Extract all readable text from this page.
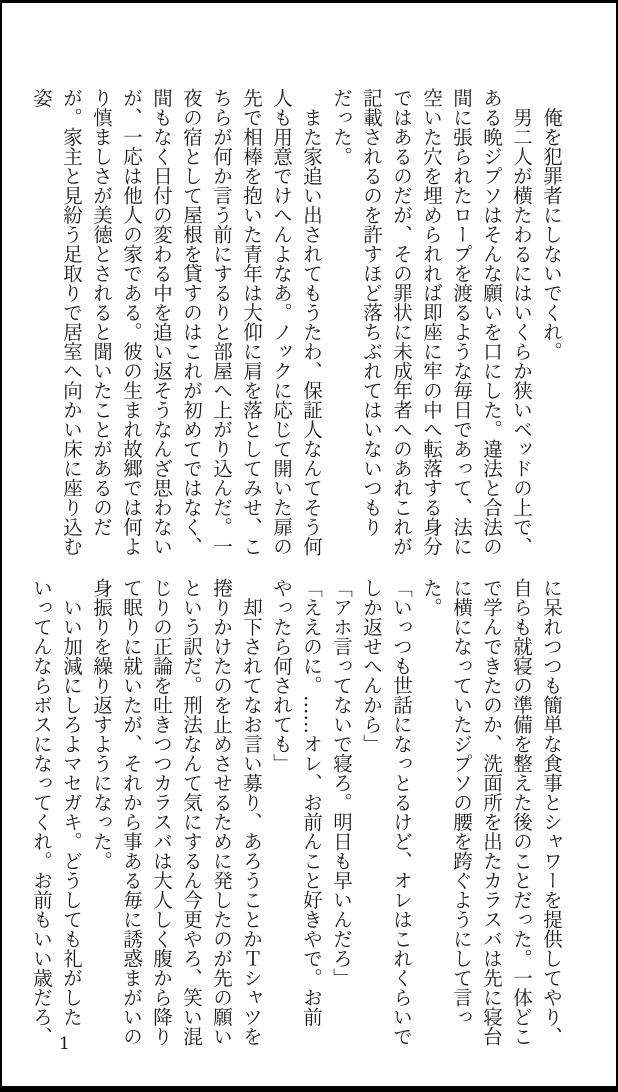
　俺を犯罪者にしないでくれ。

　男二人が横たわるにはいくらか狭いベッドの上で、ある晩ジプソはそんな願いを口にした。違法と合法の間に張られたロープを渡るような毎日であって、法に空いた穴を埋められれば即座に牢の中へ転落する身分ではあるのだが、その罪状に未成年者へのあれこれが記載されるのを許すほど落ちぶれてはいないつもりだった。

　また家追い出されてもうたわ、保証人なんてそう何人も用意でけへんよなあ。ノックに応じて開いた扉の先で相棒を抱いた青年は大仰に肩を落としてみせ、こちらが何か言う前にするりと部屋へ上がり込んだ。一夜の宿として屋根を貸すのはこれが初めてではなく、間もなく日付の変わる中を追い返そうなんざ思わないが、一応は他人の家である。彼の生まれ故郷では何より慎ましさが美徳とされると聞いたことがあるのだが。家主と見紛う足取りで居室へ向かい床に座り込む姿

に呆れつつも簡単な食事とシャワーを提供してやり、自らも就寝の準備を整えた後のことだった。一体どこで学んできたのか、洗面所を出たカラスバは先に寝台に横になっていたジプソの腰を跨ぐようにして言った。

「いっつも世話になっとるけど、オレはこれくらいでしか返せへんから」

「アホ言ってないで寝ろ。明日も早いんだろ」

「ええのに。……オレ、お前んこと好きやで。お前やったら何されても」

　却下されてなお言い募り、あろうことかＴシャツを捲りかけたのを止めさせるために発したのが先の願いという訳だ。刑法なんて気にするん今更やろ、笑い混じりの正論を吐きつつカラスバは大人しく腹から降りて眠りに就いたが、それから事ある毎に誘惑まがいの身振りを繰り返すようになった。

　いい加減にしろよマセガキ。どうしても礼がしたいってんならボスになってくれ。お前もいい歳だろ、 1
